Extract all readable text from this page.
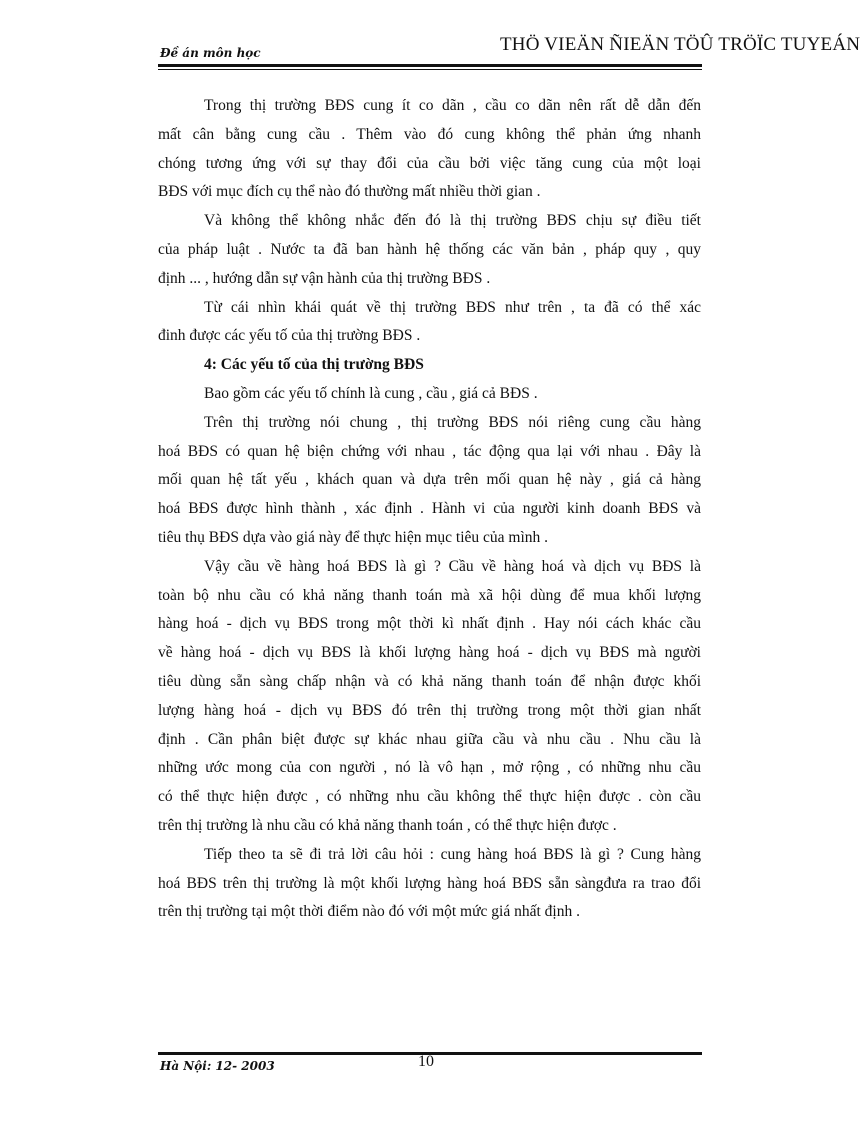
Đề án môn học	THÖ VIEÄN ÑIEÄN TÖÛ TRÖÏC TUYEÁN
Trong thị trường BĐS cung ít co dãn , cầu co dãn nên rất dễ dẫn đến
mất cân bằng cung cầu . Thêm vào đó cung không thể phản ứng nhanh
chóng tương ứng với sự thay đổi của cầu bởi việc tăng cung của một loại
BĐS với mục đích cụ thể nào đó thường mất nhiều thời gian .
Và không thể không nhắc đến đó là thị trường BĐS chịu sự điều tiết
của pháp luật . Nước ta đã ban hành hệ thống các văn bản , pháp quy , quy
định ... , hướng dẫn sự vận hành của thị trường BĐS .
Từ cái nhìn khái quát về thị trường BĐS như trên , ta đã có thể xác
đinh được các yếu tố của thị trường BĐS .
4: Các yếu tố của thị trường BĐS
Bao gồm các yếu tố chính là cung , cầu , giá cả BĐS .
Trên thị trường nói chung , thị trường BĐS nói riêng cung cầu hàng
hoá BĐS có quan hệ biện chứng với nhau , tác động qua lại với nhau . Đây là
mối quan hệ tất yếu , khách quan và dựa trên mối quan hệ này , giá cả hàng
hoá BĐS được hình thành , xác định . Hành vi của người kinh doanh BĐS và
tiêu thụ BĐS dựa vào giá này để thực hiện mục tiêu của mình .
Vậy cầu về hàng hoá BĐS là gì ? Cầu về hàng hoá và dịch vụ BĐS là
toàn bộ nhu cầu có khả năng thanh toán mà xã hội dùng để mua khối lượng
hàng hoá - dịch vụ BĐS trong một thời kì nhất định . Hay nói cách khác cầu
về hàng hoá - dịch vụ BĐS là khối lượng hàng hoá - dịch vụ BĐS mà người
tiêu dùng sẵn sàng chấp nhận và có khả năng thanh toán để nhận được khối
lượng hàng hoá - dịch vụ BĐS đó trên thị trường trong một thời gian nhất
định . Cần phân biệt được sự khác nhau giữa cầu và nhu cầu . Nhu cầu là
những ước mong của con người , nó là vô hạn , mở rộng , có những nhu cầu
có thể thực hiện được , có những nhu cầu không thể thực hiện được . còn cầu
trên thị trường là nhu cầu có khả năng thanh toán , có thể thực hiện được .
Tiếp theo ta sẽ đi trả lời câu hỏi : cung hàng hoá BĐS là gì ? Cung hàng
hoá BĐS trên thị trường là một khối lượng hàng hoá BĐS sẵn sàngđưa ra trao đổi
trên thị trường tại một thời điểm nào đó với một mức giá nhất định .
Hà Nội: 12- 2003	10
